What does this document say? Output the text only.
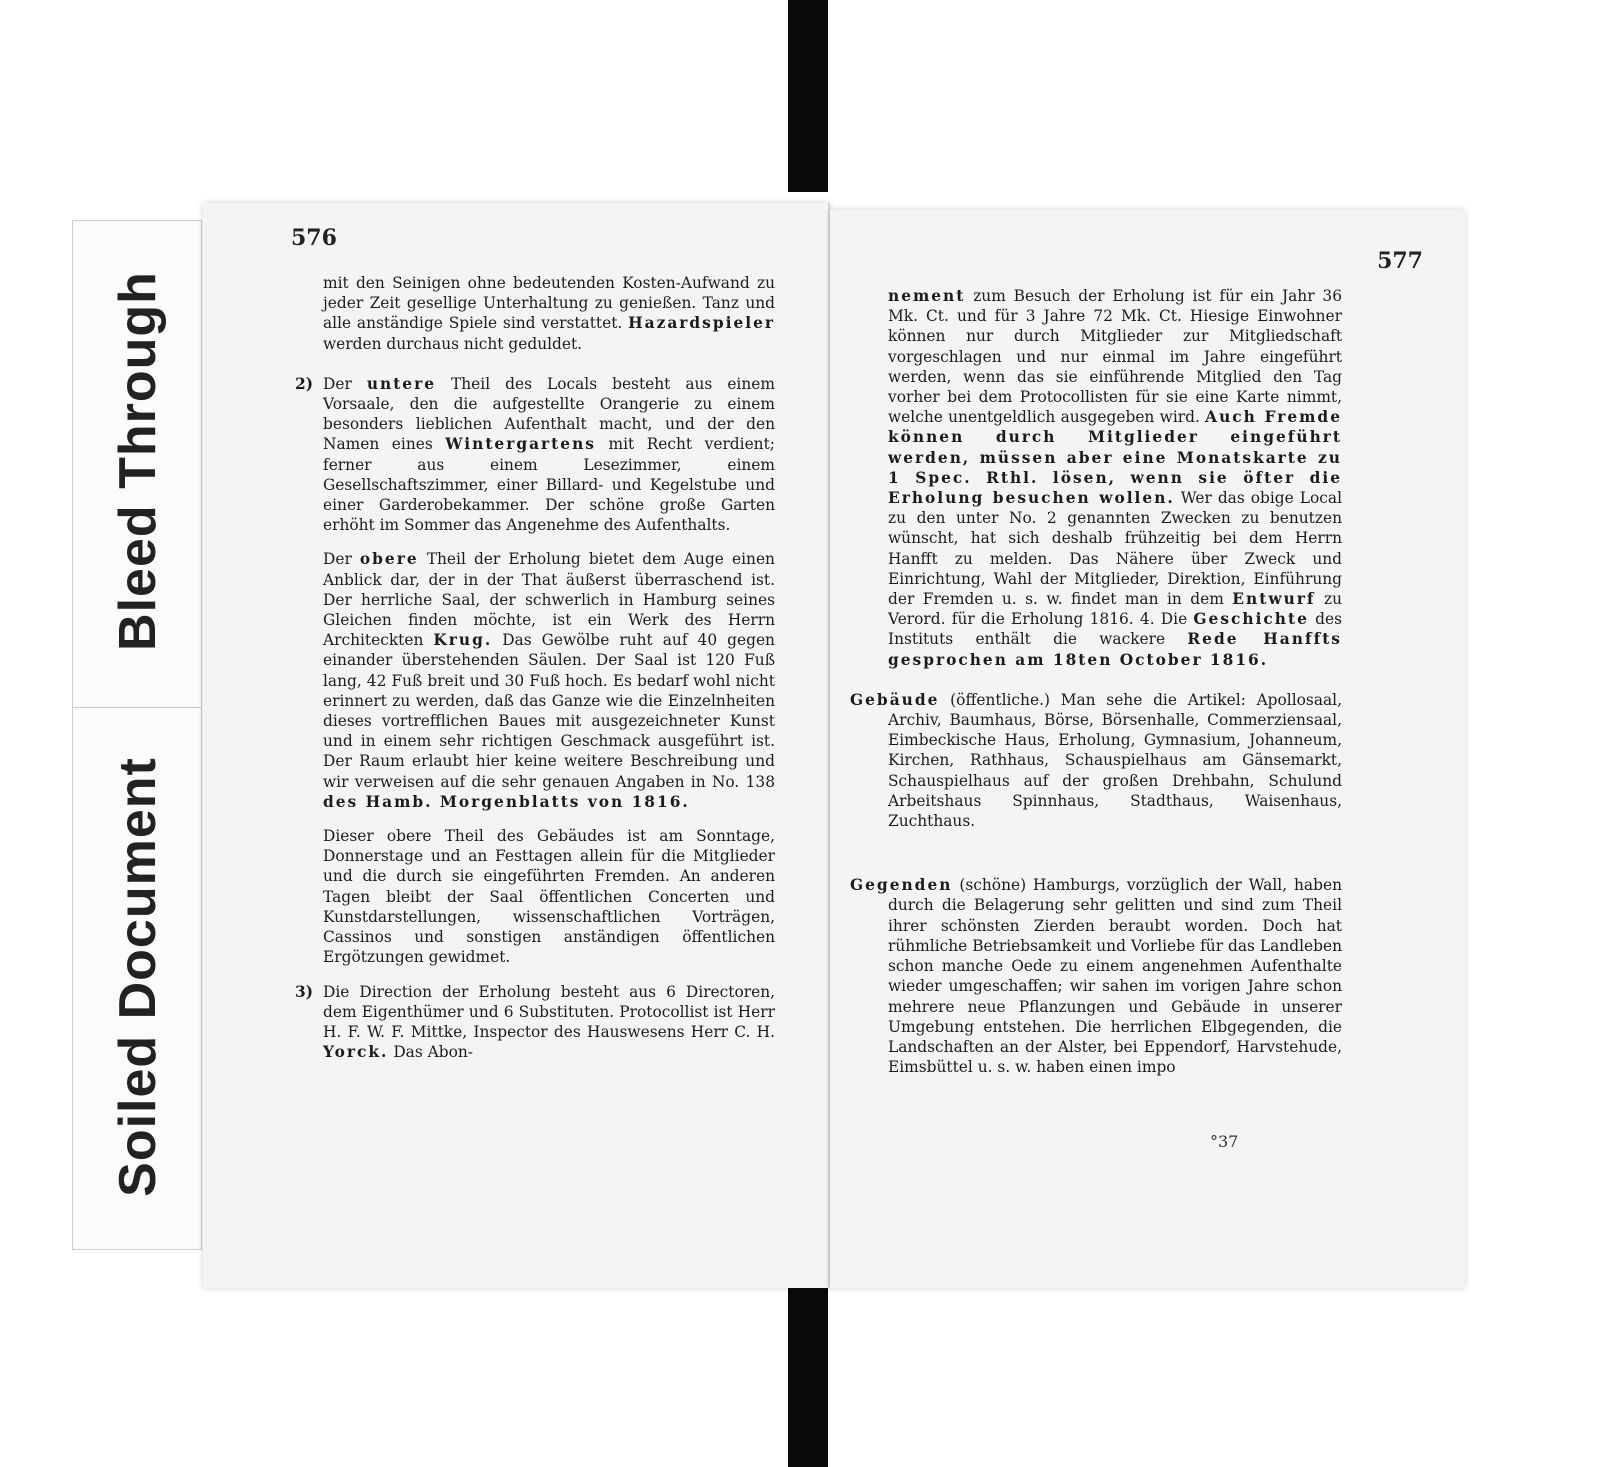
Bleed Through
Soiled Document
576

mit den Seinigen ohne bedeutenden Kosten-Aufwand zu jeder Zeit gesellige Unterhaltung zu genießen. Tanz und alle anständige Spiele sind verstattet. Hazardspieler werden durchaus nicht geduldet.

2) Der untere Theil des Locals besteht aus einem Vorsaale, den die aufgestellte Orangerie zu einem besonders lieblichen Aufenthalt macht, und der den Namen eines Wintergartens mit Recht verdient; ferner aus einem Lesezimmer, einem Gesellschaftszimmer, einer Billard- und Kegelstube und einer Garderobekammer. Der schöne große Garten erhöht im Sommer das Angenehme des Aufenthalts.

Der obere Theil der Erholung bietet dem Auge einen Anblick dar, der in der That äußerst überraschend ist. Der herrliche Saal, der schwerlich in Hamburg seines Gleichen finden möchte, ist ein Werk des Herrn Architeckten Krug. Das Gewölbe ruht auf 40 gegen einander überstehenden Säulen. Der Saal ist 120 Fuß lang, 42 Fuß breit und 30 Fuß hoch. Es bedarf wohl nicht erinnert zu werden, daß das Ganze wie die Einzelnheiten dieses vortrefflichen Baues mit ausgezeichneter Kunst und in einem sehr richtigen Geschmack ausgeführt ist. Der Raum erlaubt hier keine weitere Beschreibung und wir verweisen auf die sehr genauen Angaben in No. 138 des Hamb. Morgenblatts von 1816.

Dieser obere Theil des Gebäudes ist am Sonntage, Donnerstage und an Festtagen allein für die Mitglieder und die durch sie eingeführten Fremden. An anderen Tagen bleibt der Saal öffentlichen Concerten und Kunstdarstellungen, wissenschaftlichen Vorträgen, Cassinos und sonstigen anständigen öffentlichen Ergötzungen gewidmet.

3) Die Direction der Erholung besteht aus 6 Directoren, dem Eigenthümer und 6 Substituten. Protocollist ist Herr H. F. W. F. Mittke, Inspector des Hauswesens Herr C. H. Yorck. Das Abon-

577

nement zum Besuch der Erholung ist für ein Jahr 36 Mk. Ct. und für 3 Jahre 72 Mk. Ct. Hiesige Einwohner können nur durch Mitglieder zur Mitgliedschaft vorgeschlagen und nur einmal im Jahre eingeführt werden, wenn das sie einführende Mitglied den Tag vorher bei dem Protocollisten für sie eine Karte nimmt, welche unentgeldlich ausgegeben wird. Auch Fremde können durch Mitglieder eingeführt werden, müssen aber eine Monatskarte zu 1 Spec. Rthl. lösen, wenn sie öfter die Erholung besuchen wollen. Wer das obige Local zu den unter No. 2 genannten Zwecken zu benutzen wünscht, hat sich deshalb frühzeitig bei dem Herrn Hanfft zu melden. Das Nähere über Zweck und Einrichtung, Wahl der Mitglieder, Direktion, Einführung der Fremden u. s. w. findet man in dem Entwurf zu Verord. für die Erholung 1816. 4. Die Geschichte des Instituts enthält die wackere Rede Hanffts gesprochen am 18ten October 1816.

Gebäude (öffentliche.) Man sehe die Artikel: Apollosaal, Archiv, Baumhaus, Börse, Börsenhalle, Commerziensaal, Eimbeckische Haus, Erholung, Gymnasium, Johanneum, Kirchen, Rathhaus, Schauspielhaus am Gänsemarkt, Schauspielhaus auf der großen Drehbahn, Schulund Arbeitshaus Spinnhaus, Stadthaus, Waisenhaus, Zuchthaus.

Gegenden (schöne) Hamburgs, vorzüglich der Wall, haben durch die Belagerung sehr gelitten und sind zum Theil ihrer schönsten Zierden beraubt worden. Doch hat rühmliche Betriebsamkeit und Vorliebe für das Landleben schon manche Oede zu einem angenehmen Aufenthalte wieder umgeschaffen; wir sahen im vorigen Jahre schon mehrere neue Pflanzungen und Gebäude in unserer Umgebung entstehen. Die herrlichen Elbgegenden, die Landschaften an der Alster, bei Eppendorf, Harvstehude, Eimsbüttel u. s. w. haben einen impo

°37
